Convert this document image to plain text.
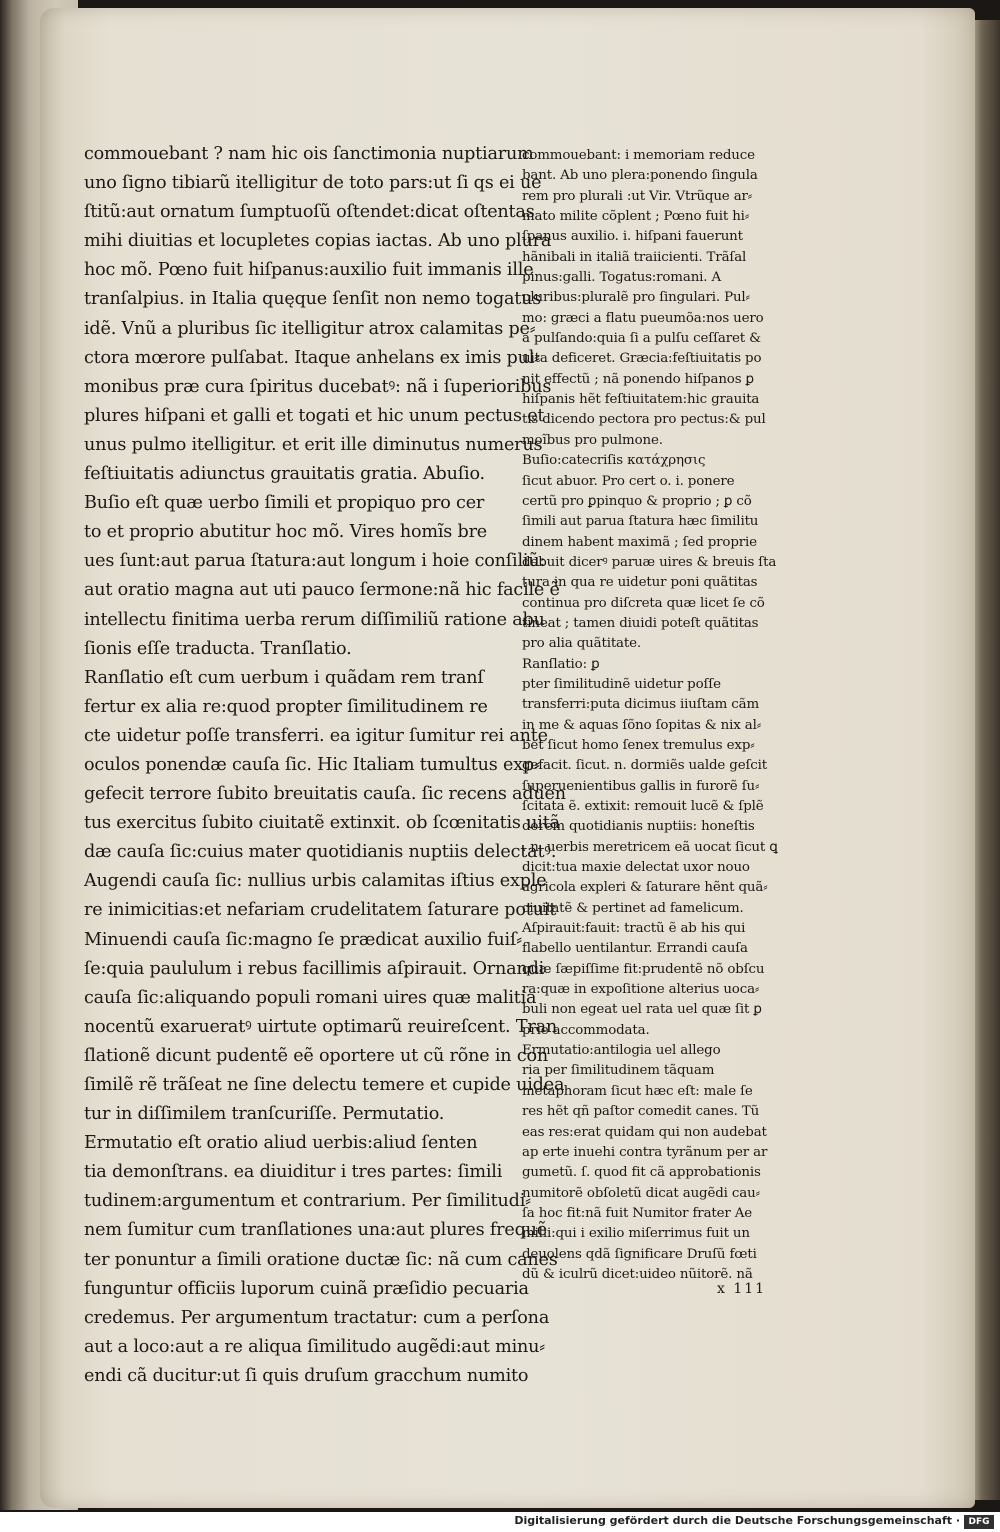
commouebant ? nam hic ois ſanctimonia nuptiarum
uno ſigno tibiarũ itelligitur de toto pars:ut ſi qs ei ue
ſtitũ:aut ornatum ſumptuoſũ oſtendet:dicat oſtentas
mihi diuitias et locupletes copias iactas. Ab uno plura
hoc mõ. Pœno fuit hiſpanus:auxilio fuit immanis ille
tranſalpius. in Italia quęque ſenſit non nemo togatus
idẽ. Vnũ a pluribus ſic itelligitur atrox calamitas pe⸗
ctora mœrore pulſabat. Itaque anhelans ex imis pul⸗
monibus præ cura ſpiritus ducebatꝰ: nã i ſuperioribus
plures hiſpani et galli et togati et hic unum pectus et
unus pulmo itelligitur. et erit ille diminutus numerus
feſtiuitatis adiunctus grauitatis gratia. Abuſio.
Buſio eſt quæ uerbo ſimili et propiquo pro cer
to et proprio abutitur hoc mõ. Vires homĩs bre
ues ſunt:aut parua ſtatura:aut longum i hoie conſiliũ:
aut oratio magna aut uti pauco ſermone:nã hic facile ẽ
intellectu finitima uerba rerum diſſimiliũ ratione abu
ſionis eſſe traducta. Tranſlatio.
Ranſlatio eſt cum uerbum i quãdam rem tranſ
fertur ex alia re:quod propter ſimilitudinem re
cte uidetur poſſe transferri. ea igitur ſumitur rei ante
oculos ponendæ cauſa ſic. Hic Italiam tumultus exp⸗
gefecit terrore ſubito breuitatis cauſa. ſic recens aduen
tus exercitus ſubito ciuitatẽ extinxit. ob ſcœnitatis uitã
dæ cauſa ſic:cuius mater quotidianis nuptiis delectatꝰ.
Augendi cauſa ſic: nullius urbis calamitas iſtius exple
re inimicitias:et nefariam crudelitatem ſaturare potuit
Minuendi cauſa ſic:magno ſe prædicat auxilio fuiſ⸗
ſe:quia paululum i rebus facillimis aſpirauit. Ornandi
cauſa ſic:aliquando populi romani uires quæ malitia
nocentũ exarueratꝰ uirtute optimarũ reuireſcent. Tran
ſlationẽ dicunt pudentẽ eẽ oportere ut cũ rõne in con
ſimilẽ rẽ trãſeat ne ſine delectu temere et cupide uidea
tur in diſſimilem tranſcuriſſe. Permutatio.
Ermutatio eſt oratio aliud uerbis:aliud ſenten
tia demonſtrans. ea diuiditur i tres partes: ſimili
tudinem:argumentum et contrarium. Per ſimilitudi⸗
nem ſumitur cum tranſlationes una:aut plures frequẽ
ter ponuntur a ſimili oratione ductæ ſic: nã cum canes
funguntur officiis luporum cuinã præſidio pecuaria
credemus. Per argumentum tractatur: cum a perſona
aut a loco:aut a re aliqua ſimilitudo augẽdi:aut minu⸗
endi cã ducitur:ut ſi quis druſum gracchum numito
commouebant: i memoriam reduce
bant. Ab uno plera:ponendo ſingula
rem pro plurali :ut Vir. Vtrũque ar⸗
mato milite cõplent ; Pœno fuit hi⸗
ſpanus auxilio. i. hiſpani fauerunt
hãnibali in italiã traiicienti. Trãſal
pinus:galli. Togatus:romani. A
pluribus:pluralẽ pro ſingulari. Pul⸗
mo: græci a flatu pueumõa:nos uero
a pulſando:quia ſi a pulſu ceſſaret &
uita deficeret. Græcia:feſtiuitatis po
nit effectũ ; nã ponendo hiſpanos ꝑ
hiſpanis hẽt feſtiuitatem:hic grauita
tis dicendo pectora pro pectus:& pul
moĩbus pro pulmone.
Buſio:catecriſis κατάχρησις
ſicut abuor. Pro cert o. i. ponere
certũ pro ꝑpinquo & proprio ; ꝑ cõ
ſimili aut parua ſtatura hæc ſimilitu
dinem habent maximã ; ſed proprie
debuit dicerꝰ paruæ uires & breuis ſta
tura in qua re uidetur poni quãtitas
continua pro diſcreta quæ licet ſe cõ
tineat ; tamen diuidi poteſt quãtitas
pro alia quãtitate.
Ranſlatio: ꝑ
pter ſimilitudinẽ uidetur poſſe
transferri:puta dicimus iiuſtam cãm
in me & aquas ſõno ſopitas & nix al⸗
bet ſicut homo ſenex tremulus exp⸗
gefacit. ſicut. n. dormiẽs ualde geſcit
ſuperuenientibus gallis in furorẽ ſu⸗
ſcitata ẽ. extixit: remouit lucẽ & ſplẽ
dorem quotidianis nuptiis: honeſtis
. n. uerbis meretricem eã uocat ſicut ꝗ
dicit:tua maxie delectat uxor nouo
agricola expleri & ſaturare hẽnt quã⸗
ciuitatẽ & pertinet ad famelicum.
Aſpirauit:fauit: tractũ ẽ ab his qui
flabello uentilantur. Errandi cauſa
quæ ſæpiſſime fit:prudentẽ nõ obſcu
ra:quæ in expoſitione alterius uoca⸗
buli non egeat uel rata uel quæ ſit ꝑ
prie accommodata.
Ermutatio:antilogia uel allego
ria per ſimilitudinem tãquam
metaphoram ſicut hæc eſt: male ſe
res hẽt qñ paſtor comedit canes. Tũ
eas res:erat quidam qui non audebat
ap erte inuehi contra tyrãnum per ar
gumetũ. ſ. quod fit cã approbationis
numitorẽ obſoletũ dicat augẽdi cau⸗
ſa hoc fit:nã fuit Numitor frater Ae
milii:qui i exilio miſerrimus fuit un
deuolens qdã ſignificare Druſũ fœti
dũ & iculrũ dicet:uideo nũitorẽ. nã
x 111
Digitalisierung gefördert durch die Deutsche Forschungsgemeinschaft · DFG
